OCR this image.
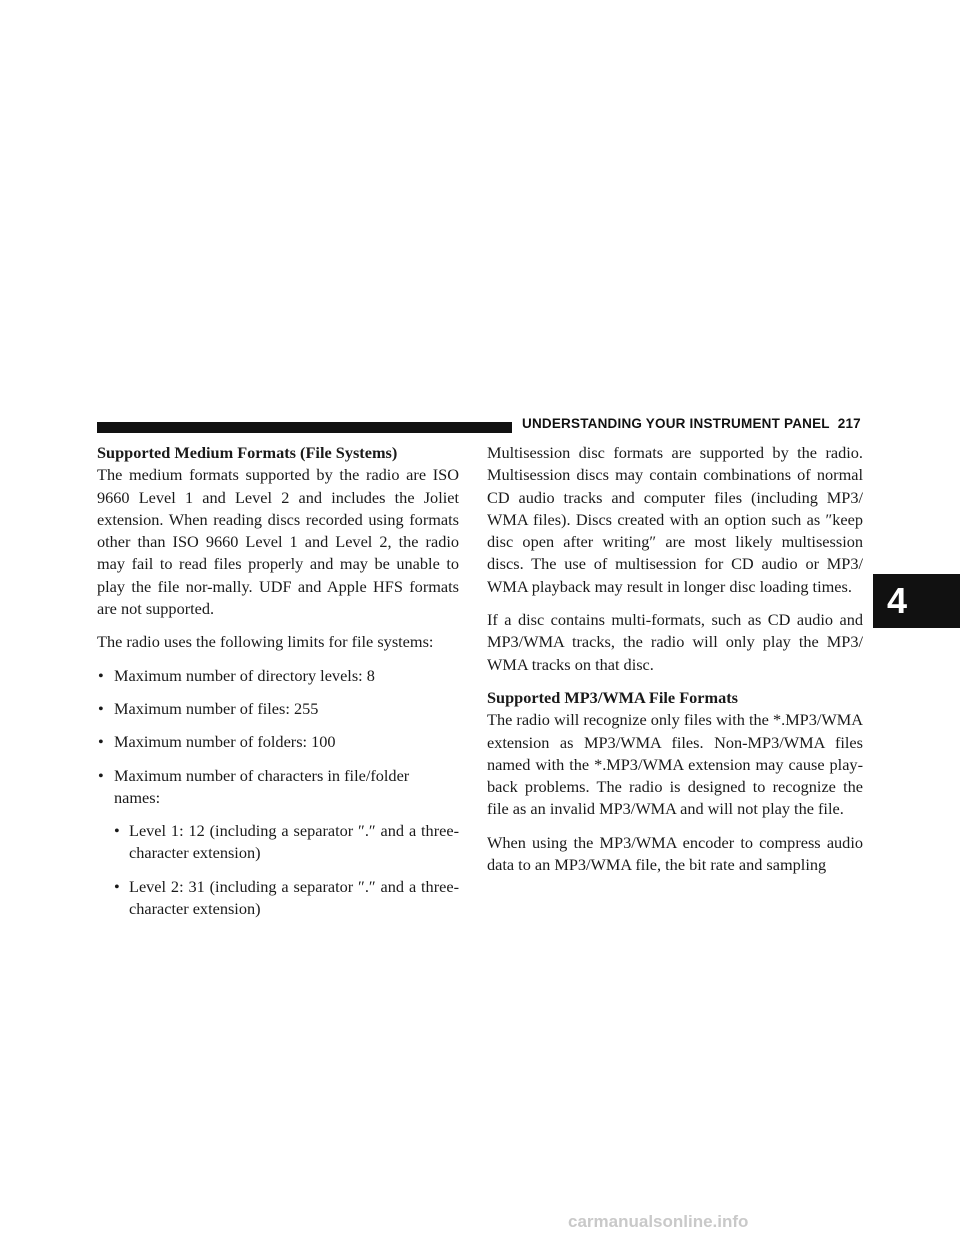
UNDERSTANDING YOUR INSTRUMENT PANEL 217
4

Supported Medium Formats (File Systems)

The medium formats supported by the radio are ISO 9660 Level 1 and Level 2 and includes the Joliet extension. When reading discs recorded using formats other than ISO 9660 Level 1 and Level 2, the radio may fail to read files properly and may be unable to play the file nor-mally. UDF and Apple HFS formats are not supported.

The radio uses the following limits for file systems:

• Maximum number of directory levels: 8
• Maximum number of files: 255
• Maximum number of folders: 100
• Maximum number of characters in file/folder names:
• Level 1: 12 (including a separator ″.″ and a three-character extension)
• Level 2: 31 (including a separator ″.″ and a three-character extension)

Multisession disc formats are supported by the radio. Multisession discs may contain combinations of normal CD audio tracks and computer files (including MP3/ WMA files). Discs created with an option such as ″keep disc open after writing″ are most likely multisession discs. The use of multisession for CD audio or MP3/ WMA playback may result in longer disc loading times.

If a disc contains multi-formats, such as CD audio and MP3/WMA tracks, the radio will only play the MP3/ WMA tracks on that disc.

Supported MP3/WMA File Formats

The radio will recognize only files with the *.MP3/WMA extension as MP3/WMA files. Non-MP3/WMA files named with the *.MP3/WMA extension may cause play-back problems. The radio is designed to recognize the file as an invalid MP3/WMA and will not play the file.

When using the MP3/WMA encoder to compress audio data to an MP3/WMA file, the bit rate and sampling

carmanualsonline.info
